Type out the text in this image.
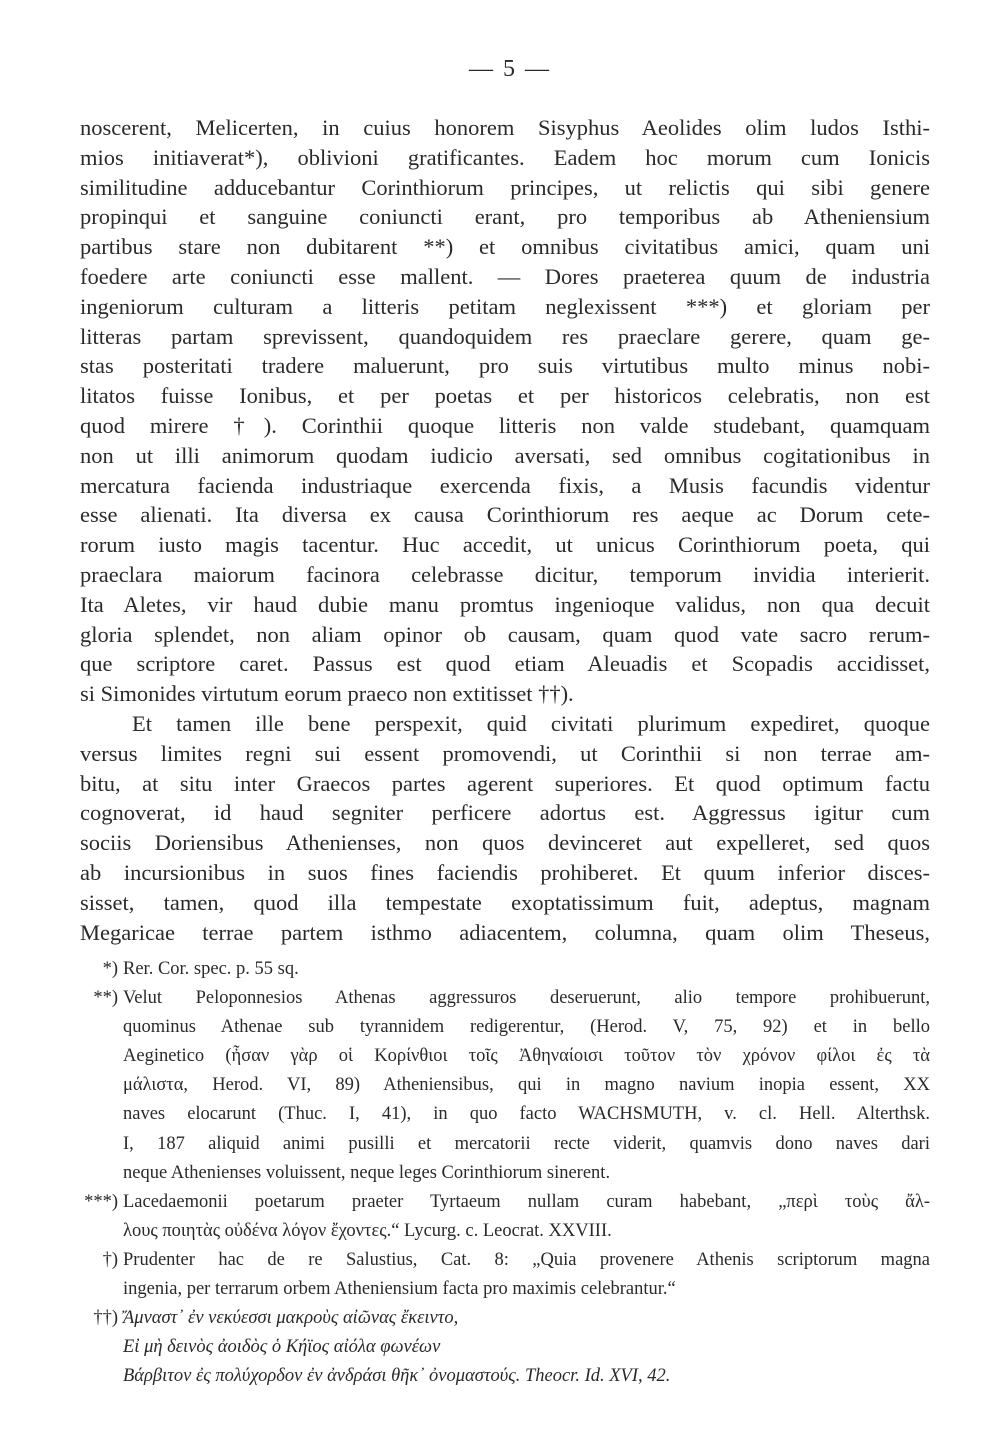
— 5 —
noscerent, Melicerten, in cuius honorem Sisyphus Aeolides olim ludos Isthi-
mios initiaverat*), oblivioni gratificantes. Eadem hoc morum cum Ionicis
similitudine adducebantur Corinthiorum principes, ut relictis qui sibi genere
propinqui et sanguine coniuncti erant, pro temporibus ab Atheniensium
partibus stare non dubitarent **) et omnibus civitatibus amici, quam uni
foedere arte coniuncti esse mallent. — Dores praeterea quum de industria
ingeniorum culturam a litteris petitam neglexissent ***) et gloriam per
litteras partam sprevissent, quandoquidem res praeclare gerere, quam ge-
stas posteritati tradere maluerunt, pro suis virtutibus multo minus nobi-
litatos fuisse Ionibus, et per poetas et per historicos celebratis, non est
quod mirere †). Corinthii quoque litteris non valde studebant, quamquam
non ut illi animorum quodam iudicio aversati, sed omnibus cogitationibus in
mercatura facienda industriaque exercenda fixis, a Musis facundis videntur
esse alienati. Ita diversa ex causa Corinthiorum res aeque ac Dorum cete-
rorum iusto magis tacentur. Huc accedit, ut unicus Corinthiorum poeta, qui
praeclara maiorum facinora celebrasse dicitur, temporum invidia interierit.
Ita Aletes, vir haud dubie manu promtus ingenioque validus, non qua decuit
gloria splendet, non aliam opinor ob causam, quam quod vate sacro rerum-
que scriptore caret. Passus est quod etiam Aleuadis et Scopadis accidisset,
si Simonides virtutum eorum praeco non extitisset ††).
Et tamen ille bene perspexit, quid civitati plurimum expediret, quoque
versus limites regni sui essent promovendi, ut Corinthii si non terrae am-
bitu, at situ inter Graecos partes agerent superiores. Et quod optimum factu
cognoverat, id haud segniter perficere adortus est. Aggressus igitur cum
sociis Doriensibus Athenienses, non quos devinceret aut expelleret, sed quos
ab incursionibus in suos fines faciendis prohiberet. Et quum inferior disces-
sisset, tamen, quod illa tempestate exoptatissimum fuit, adeptus, magnam
Megaricae terrae partem isthmo adiacentem, columna, quam olim Theseus,
*) Rer. Cor. spec. p. 55 sq.
**) Velut Peloponnesios Athenas aggressuros deseruerunt, alio tempore prohibuerunt,
quominus Athenae sub tyrannidem redigerentur, (Herod. V, 75, 92) et in bello
Aeginetico (ἦσαν γὰρ οἱ Κορίνθιοι τοῖς Ἀθηναίοισι τοῦτον τὸν χρόνον φίλοι ἐς τὰ
μάλιστα, Herod. VI, 89) Atheniensibus, qui in magno navium inopia essent, XX
naves elocarunt (Thuc. I, 41), in quo facto WACHSMUTH, v. cl. Hell. Alterthsk.
I, 187 aliquid animi pusilli et mercatorii recte viderit, quamvis dono naves dari
neque Athenienses voluissent, neque leges Corinthiorum sinerent.
***) Lacedaemonii poetarum praeter Tyrtaeum nullam curam habebant, „περὶ τοὺς ἄλ-
λους ποιητὰς οὐδένα λόγον ἔχοντες.“ Lycurg. c. Leocrat. XXVIII.
†) Prudenter hac de re Salustius, Cat. 8: „Quia provenere Athenis scriptorum magna
ingenia, per terrarum orbem Atheniensium facta pro maximis celebrantur.“
††) Ἄμναστ᾽ ἐν νεκύεσσι μακροὺς αἰῶνας ἔκειντο,
Εἰ μὴ δεινὸς ἀοιδὸς ὁ Κήϊος αἰόλα φωνέων
Βάρβιτον ἐς πολύχορδον ἐν ἀνδράσι θῆκ᾽ ὀνομαστούς. Theocr. Id. XVI, 42.
